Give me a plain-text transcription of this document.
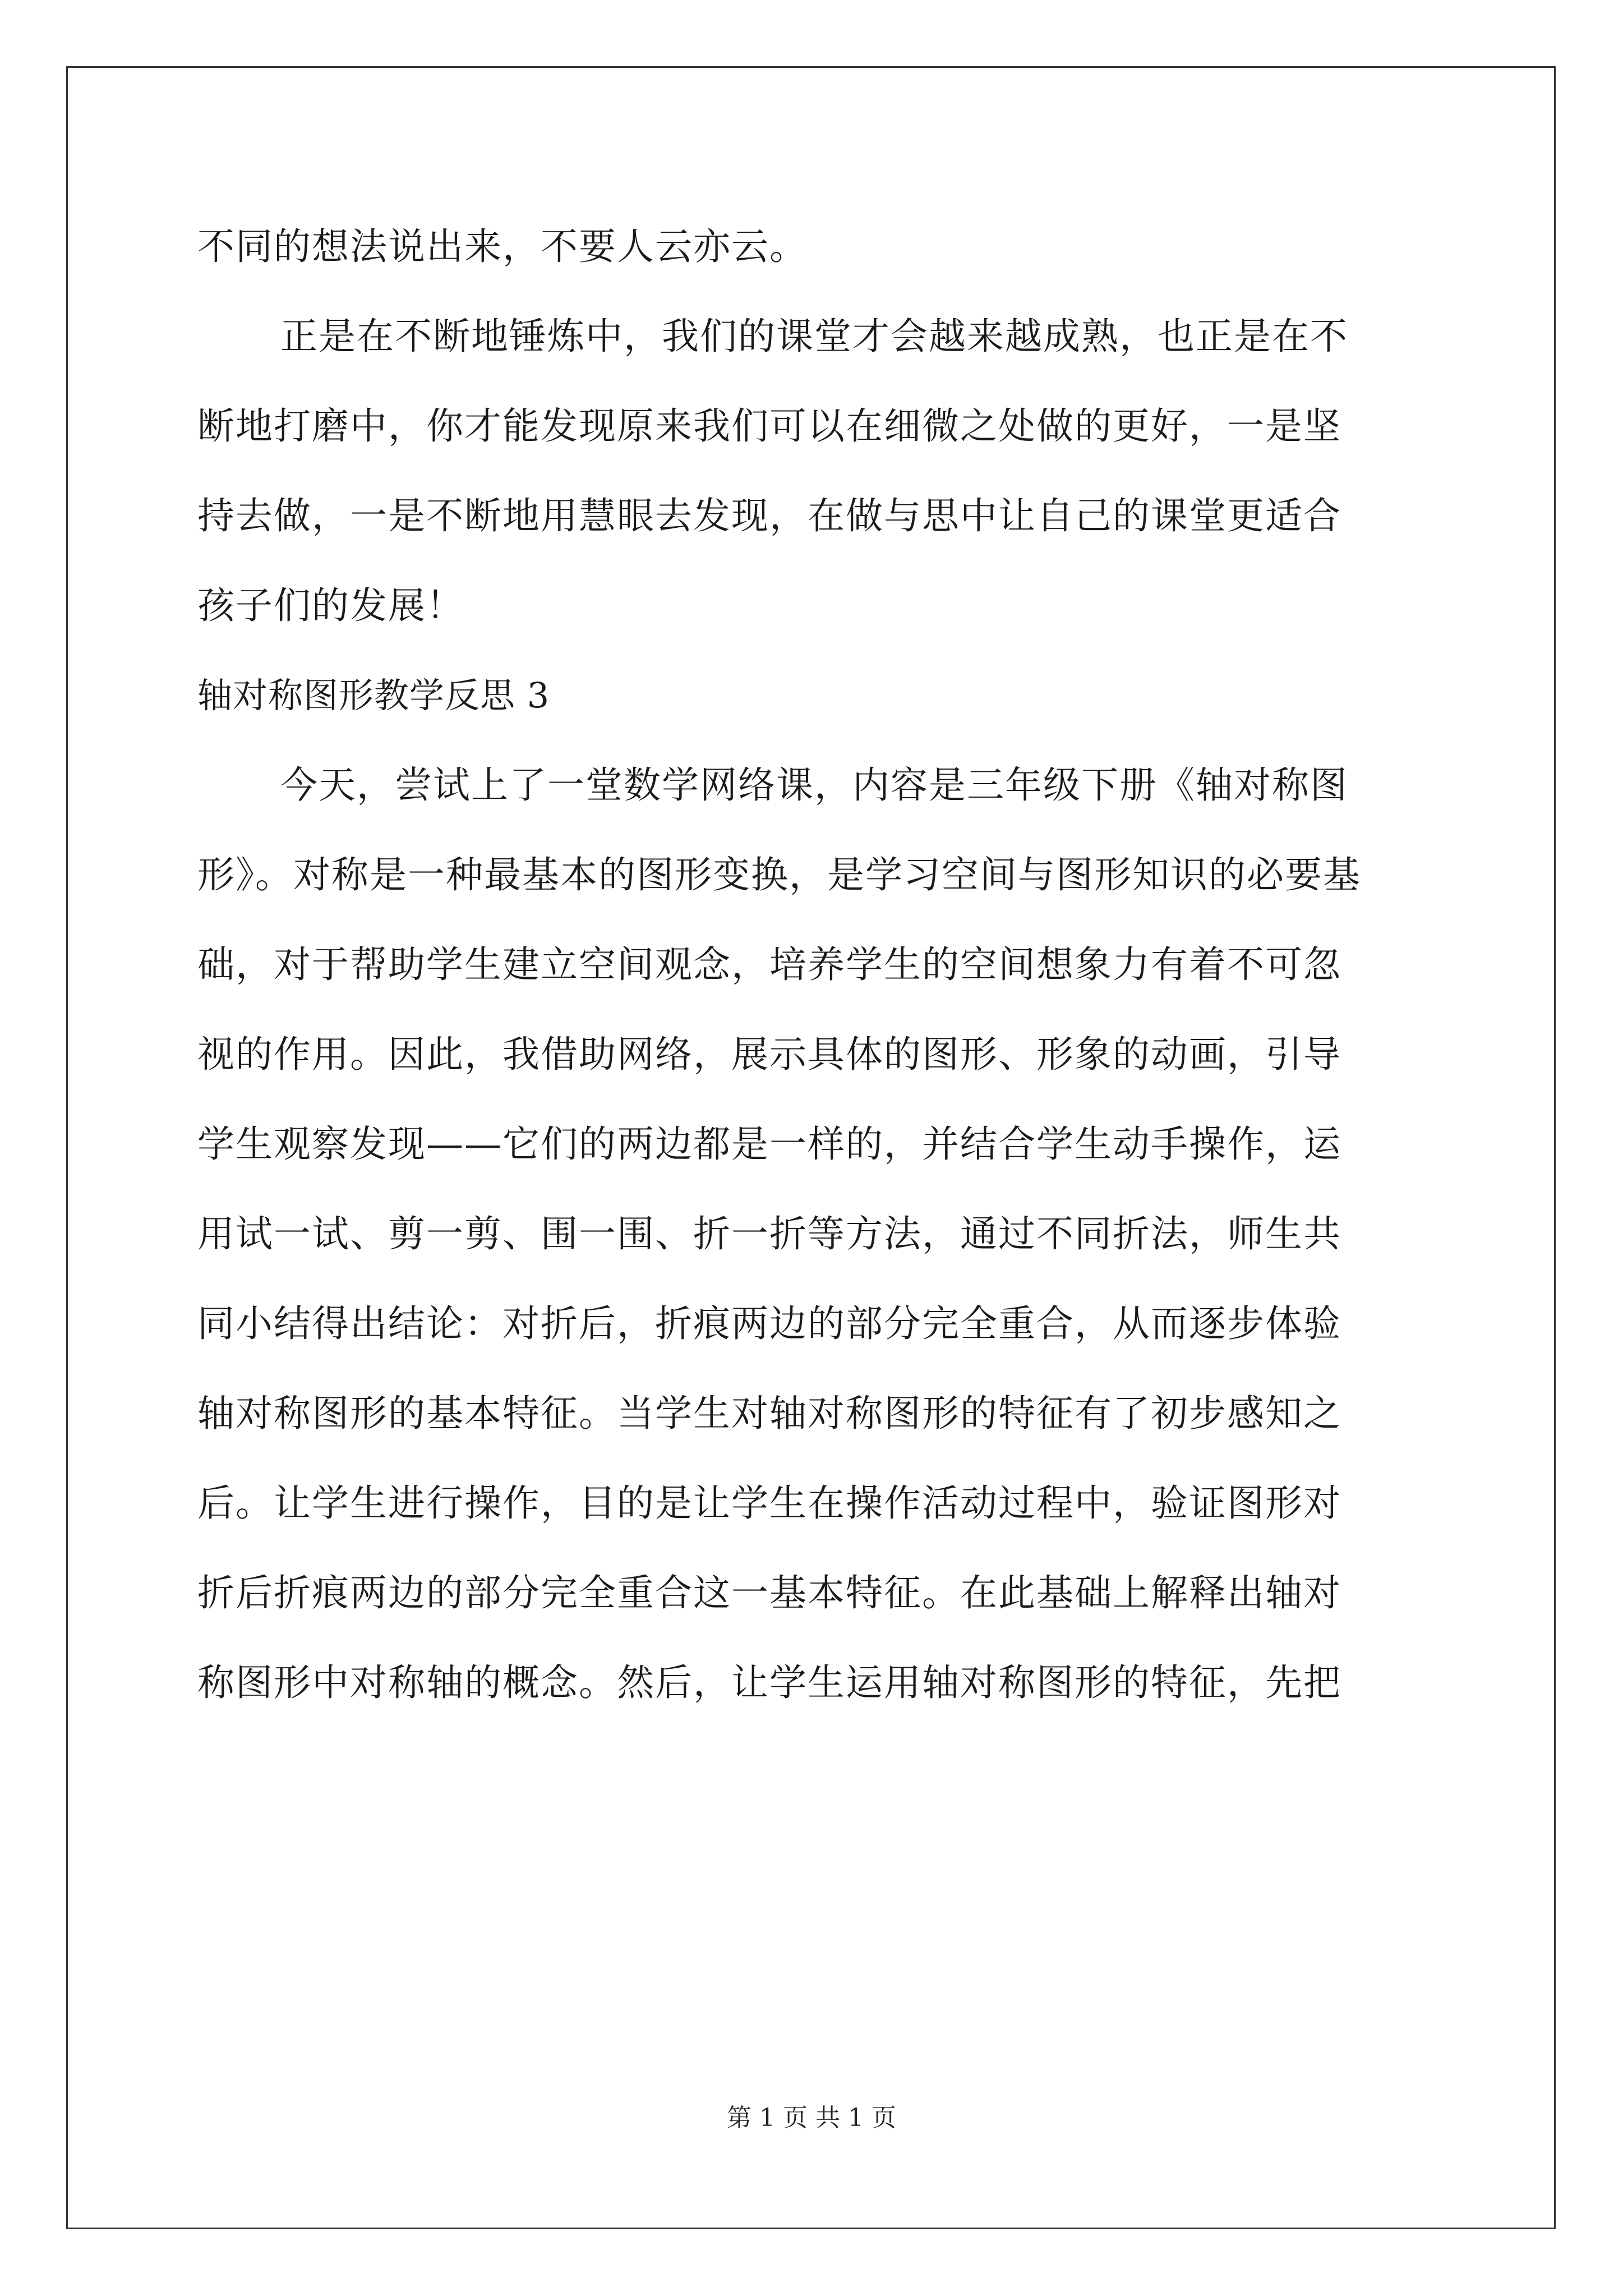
不同的想法说出来，不要人云亦云。
正是在不断地锤炼中，我们的课堂才会越来越成熟，也正是在不
断地打磨中，你才能发现原来我们可以在细微之处做的更好，一是坚
持去做，一是不断地用慧眼去发现，在做与思中让自己的课堂更适合
孩子们的发展！
轴对称图形教学反思 3
今天，尝试上了一堂数学网络课，内容是三年级下册《轴对称图
形》。对称是一种最基本的图形变换，是学习空间与图形知识的必要基
础，对于帮助学生建立空间观念，培养学生的空间想象力有着不可忽
视的作用。因此，我借助网络，展示具体的图形、形象的动画，引导
学生观察发现——它们的两边都是一样的，并结合学生动手操作，运
用试一试、剪一剪、围一围、折一折等方法，通过不同折法，师生共
同小结得出结论：对折后，折痕两边的部分完全重合，从而逐步体验
轴对称图形的基本特征。当学生对轴对称图形的特征有了初步感知之
后。让学生进行操作，目的是让学生在操作活动过程中，验证图形对
折后折痕两边的部分完全重合这一基本特征。在此基础上解释出轴对
称图形中对称轴的概念。然后，让学生运用轴对称图形的特征，先把
第 1 页 共 1 页
